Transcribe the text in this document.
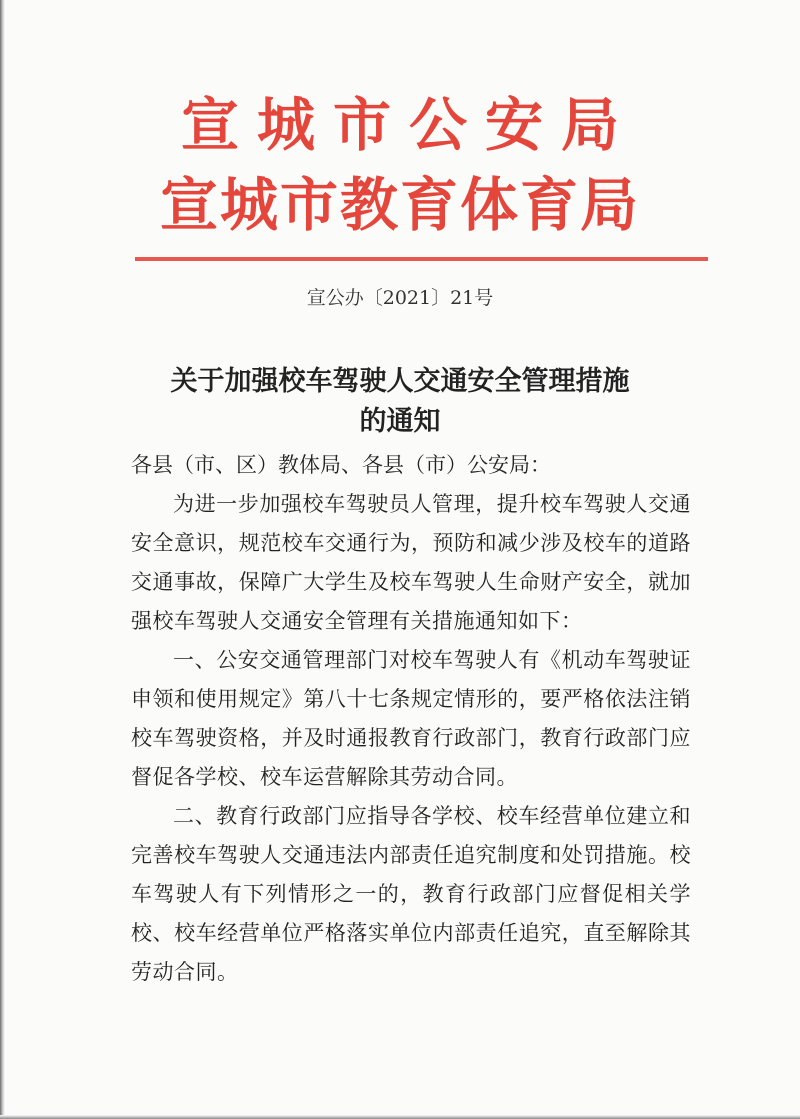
宣城市公安局
宣城市教育体育局
宣公办〔2021〕21号
关于加强校车驾驶人交通安全管理措施
的通知

各县（市、区）教体局、各县（市）公安局：

为进一步加强校车驾驶员人管理，提升校车驾驶人交通安全意识，规范校车交通行为，预防和减少涉及校车的道路交通事故，保障广大学生及校车驾驶人生命财产安全，就加强校车驾驶人交通安全管理有关措施通知如下：

一、公安交通管理部门对校车驾驶人有《机动车驾驶证申领和使用规定》第八十七条规定情形的，要严格依法注销校车驾驶资格，并及时通报教育行政部门，教育行政部门应督促各学校、校车运营解除其劳动合同。

二、教育行政部门应指导各学校、校车经营单位建立和完善校车驾驶人交通违法内部责任追究制度和处罚措施。校车驾驶人有下列情形之一的，教育行政部门应督促相关学校、校车经营单位严格落实单位内部责任追究，直至解除其劳动合同。
